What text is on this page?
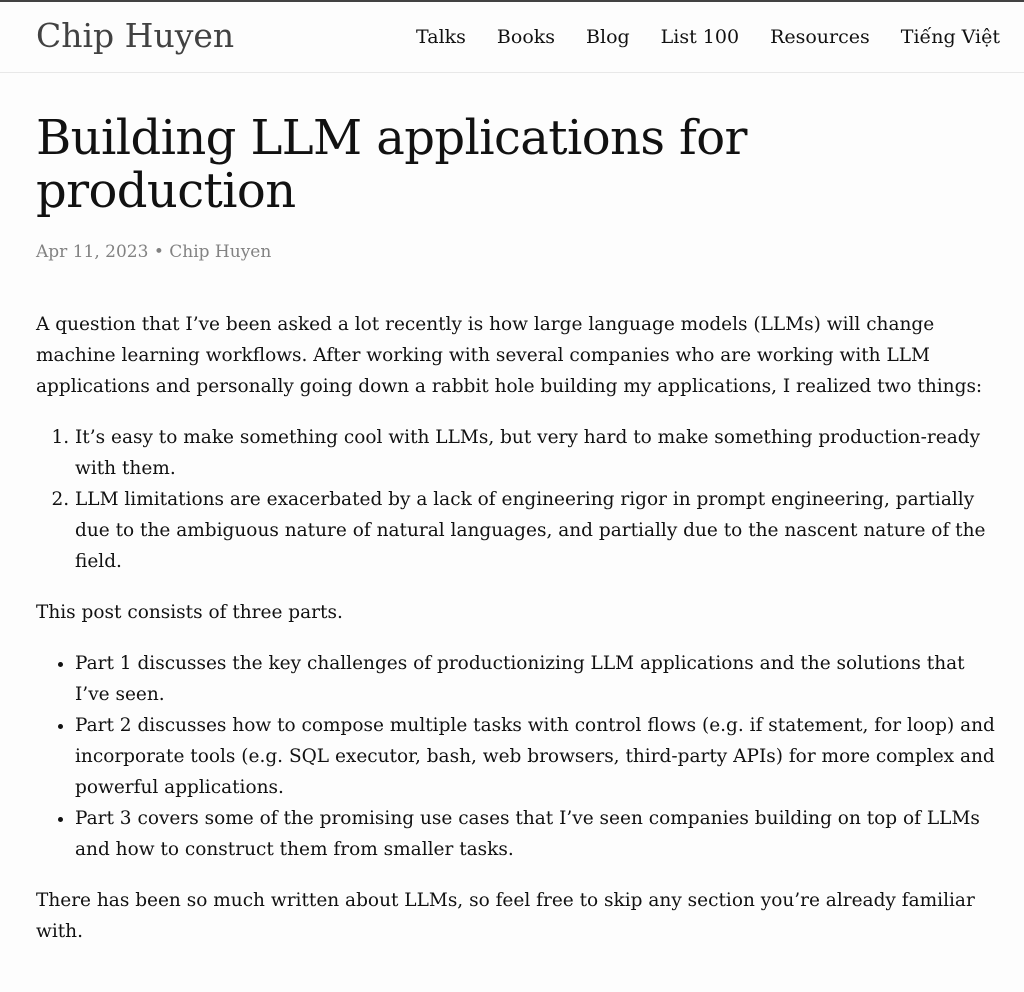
Chip Huyen	Talks Books Blog List 100 Resources Tiếng Việt
Building LLM applications for production
Apr 11, 2023 • Chip Huyen

A question that I’ve been asked a lot recently is how large language models (LLMs) will change machine learning workflows. After working with several companies who are working with LLM applications and personally going down a rabbit hole building my applications, I realized two things:

1. It’s easy to make something cool with LLMs, but very hard to make something production-ready with them.
2. LLM limitations are exacerbated by a lack of engineering rigor in prompt engineering, partially due to the ambiguous nature of natural languages, and partially due to the nascent nature of the field.

This post consists of three parts.

• Part 1 discusses the key challenges of productionizing LLM applications and the solutions that I’ve seen.
• Part 2 discusses how to compose multiple tasks with control flows (e.g. if statement, for loop) and incorporate tools (e.g. SQL executor, bash, web browsers, third-party APIs) for more complex and powerful applications.
• Part 3 covers some of the promising use cases that I’ve seen companies building on top of LLMs and how to construct them from smaller tasks.

There has been so much written about LLMs, so feel free to skip any section you’re already familiar with.
